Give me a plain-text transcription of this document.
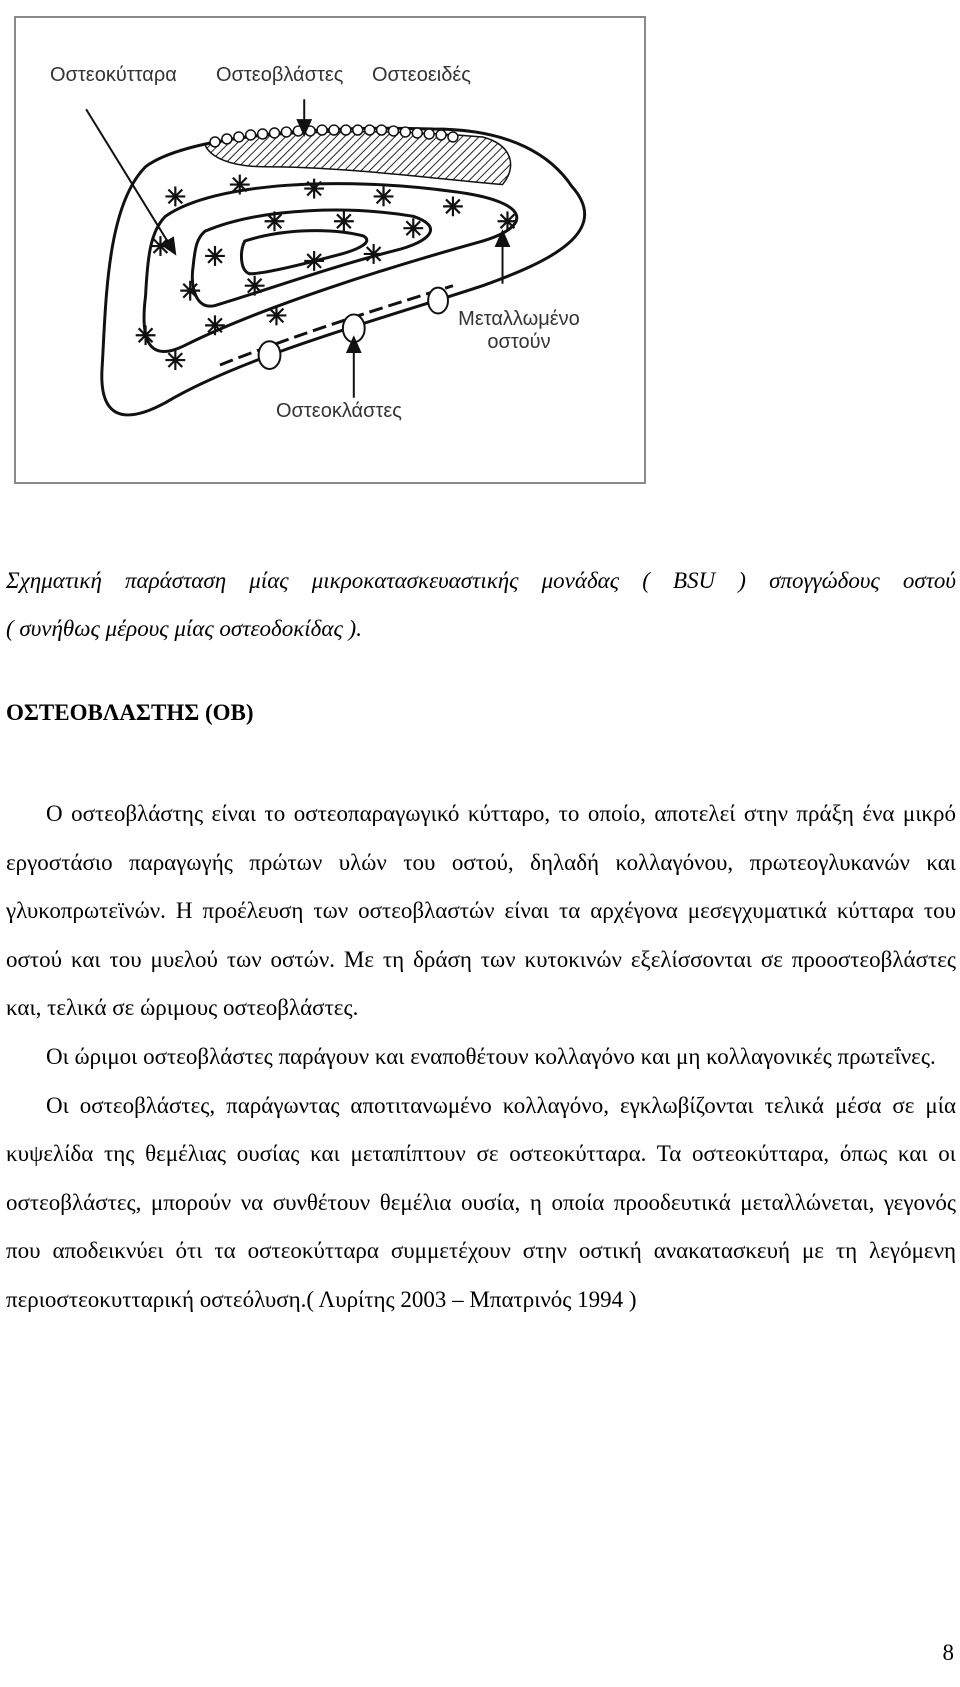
Οστεοκύτταρα Οστεοβλάστες Οστεοειδές
Μεταλλωμένο
οστούν
Οστεοκλάστες
Σχηματική παράσταση μίας μικροκατασκευαστικής μονάδας ( BSU ) σπογγώδους οστού
( συνήθως μέρους μίας οστεοδοκίδας ).
ΟΣΤΕΟΒΛΑΣΤΗΣ (ΟΒ)

Ο οστεοβλάστης είναι το οστεοπαραγωγικό κύτταρο, το οποίο, αποτελεί στην πράξη ένα μικρό εργοστάσιο παραγωγής πρώτων υλών του οστού, δηλαδή κολλαγόνου, πρωτεογλυκανών και γλυκοπρωτεϊνών. Η προέλευση των οστεοβλαστών είναι τα αρχέγονα μεσεγχυματικά κύτταρα του οστού και του μυελού των οστών. Με τη δράση των κυτοκινών εξελίσσονται σε προοστεοβλάστες και, τελικά σε ώριμους οστεοβλάστες.

Οι ώριμοι οστεοβλάστες παράγουν και εναποθέτουν κολλαγόνο και μη κολλαγονικές πρωτεΐνες.

Οι οστεοβλάστες, παράγωντας αποτιτανωμένο κολλαγόνο, εγκλωβίζονται τελικά μέσα σε μία κυψελίδα της θεμέλιας ουσίας και μεταπίπτουν σε οστεοκύτταρα. Τα οστεοκύτταρα, όπως και οι οστεοβλάστες, μπορούν να συνθέτουν θεμέλια ουσία, η οποία προοδευτικά μεταλλώνεται, γεγονός που αποδεικνύει ότι τα οστεοκύτταρα συμμετέχουν στην οστική ανακατασκευή με τη λεγόμενη περιοστεοκυτταρική οστεόλυση.( Λυρίτης 2003 – Μπατρινός 1994 )

8
